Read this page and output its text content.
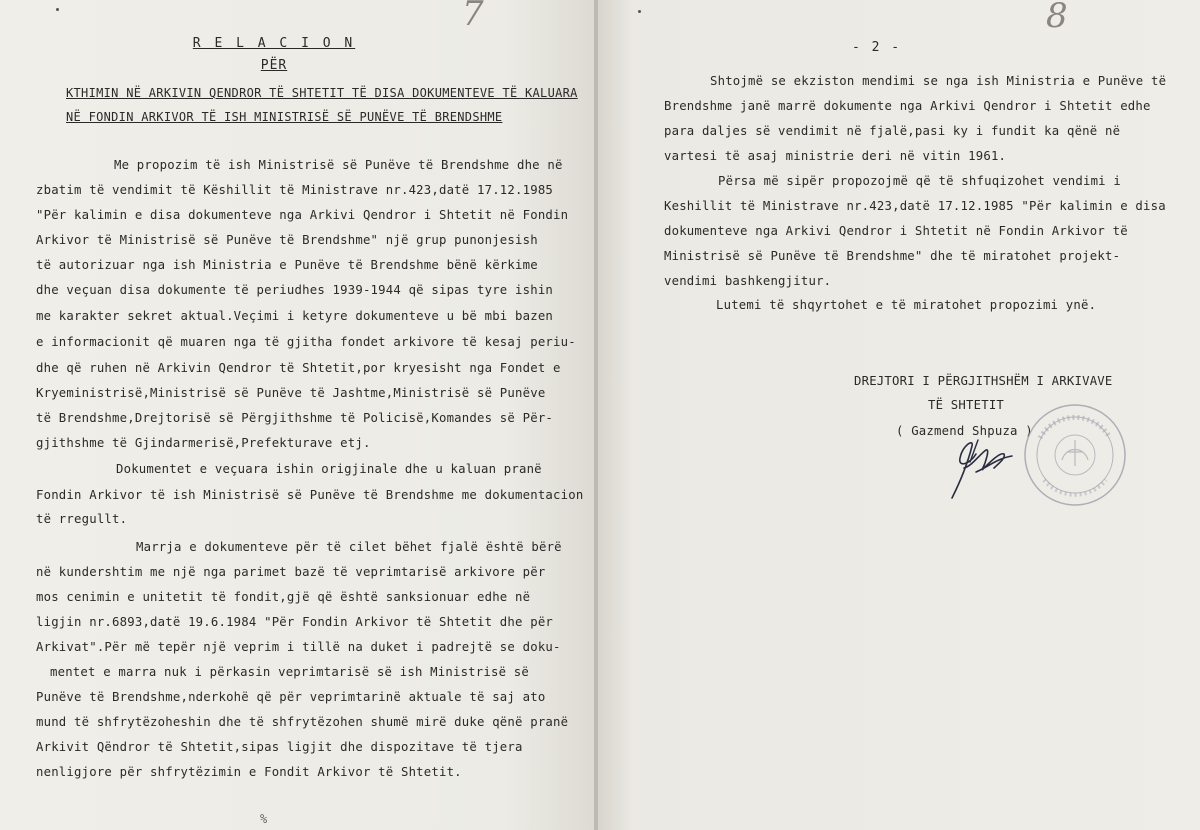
7
R E L A C I O N
PËR
KTHIMIN NË ARKIVIN QENDROR TË SHTETIT TË DISA DOKUMENTEVE TË KALUARA
NË FONDIN ARKIVOR TË ISH MINISTRISË SË PUNËVE TË BRENDSHME
Me propozim të ish Ministrisë së Punëve të Brendshme dhe në
zbatim të vendimit të Këshillit të Ministrave nr.423,datë 17.12.1985
"Për kalimin e disa dokumenteve nga Arkivi Qendror i Shtetit në Fondin
Arkivor të Ministrisë së Punëve të Brendshme" një grup punonjesish
të autorizuar nga ish Ministria e Punëve të Brendshme bënë kërkime
dhe veçuan disa dokumente të periudhes 1939-1944 që sipas tyre ishin
me karakter sekret aktual.Veçimi i ketyre dokumenteve u bë mbi bazen
e informacionit që muaren nga të gjitha fondet arkivore të kesaj periu-
dhe që ruhen në Arkivin Qendror të Shtetit,por kryesisht nga Fondet e
Kryeministrisë,Ministrisë së Punëve të Jashtme,Ministrisë së Punëve
të Brendshme,Drejtorisë së Përgjithshme të Policisë,Komandes së Për-
gjithshme të Gjindarmerisë,Prefekturave etj.
Dokumentet e veçuara ishin origjinale dhe u kaluan pranë
Fondin Arkivor të ish Ministrisë së Punëve të Brendshme me dokumentacion
të rregullt.
Marrja e dokumenteve për të cilet bëhet fjalë është bërë
në kundershtim me një nga parimet bazë të veprimtarisë arkivore për
mos cenimin e unitetit të fondit,gjë që është sanksionuar edhe në
ligjin nr.6893,datë 19.6.1984 "Për Fondin Arkivor të Shtetit dhe për
Arkivat".Për më tepër një veprim i tillë na duket i padrejtë se doku-
mentet e marra nuk i përkasin veprimtarisë së ish Ministrisë së
Punëve të Brendshme,nderkohë që për veprimtarinë aktuale të saj ato
mund të shfrytëzoheshin dhe të shfrytëzohen shumë mirë duke qënë pranë
Arkivit Qëndror të Shtetit,sipas ligjit dhe dispozitave të tjera
nenligjore për shfrytëzimin e Fondit Arkivor të Shtetit.
%
8
- 2 -
Shtojmë se ekziston mendimi se nga ish Ministria e Punëve të
Brendshme janë marrë dokumente nga Arkivi Qendror i Shtetit edhe
para daljes së vendimit në fjalë,pasi ky i fundit ka qënë në
vartesi të asaj ministrie deri në vitin 1961.
Përsa më sipër propozojmë që të shfuqizohet vendimi i
Keshillit të Ministrave nr.423,datë 17.12.1985 "Për kalimin e disa
dokumenteve nga Arkivi Qendror i Shtetit në Fondin Arkivor të
Ministrisë së Punëve të Brendshme" dhe të miratohet projekt-
vendimi bashkengjitur.
Lutemi të shqyrtohet e të miratohet propozimi ynë.
DREJTORI I PËRGJITHSHËM I ARKIVAVE
TË SHTETIT
( Gazmend Shpuza )
